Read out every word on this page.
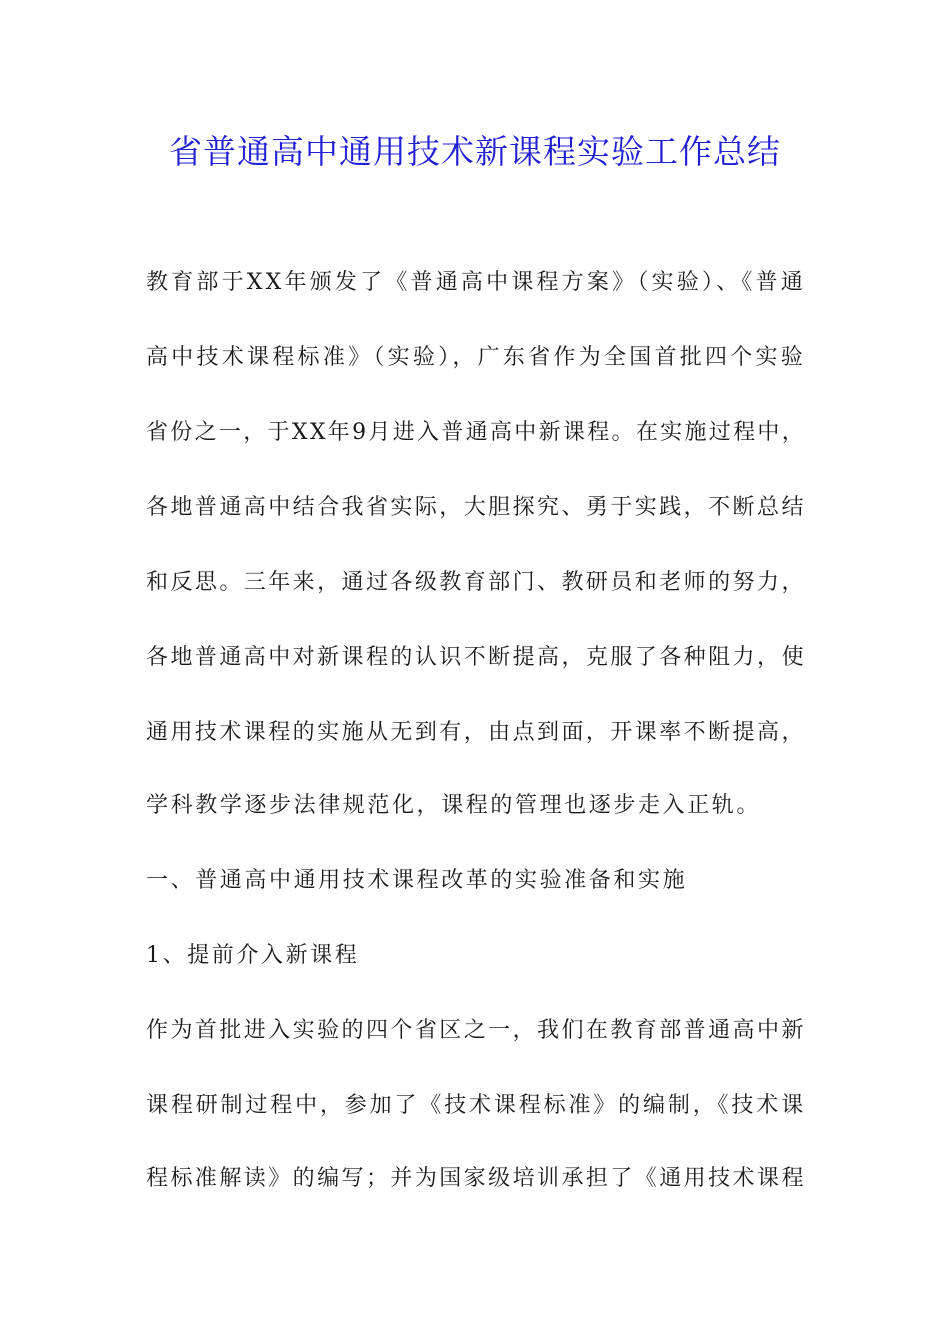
省普通高中通用技术新课程实验工作总结
教育部于XX年颁发了《普通高中课程方案》（实验）、《普通
高中技术课程标准》（实验），广东省作为全国首批四个实验
省份之一，于XX年9月进入普通高中新课程。在实施过程中，
各地普通高中结合我省实际，大胆探究、勇于实践，不断总结
和反思。三年来，通过各级教育部门、教研员和老师的努力，
各地普通高中对新课程的认识不断提高，克服了各种阻力，使
通用技术课程的实施从无到有，由点到面，开课率不断提高，
学科教学逐步法律规范化，课程的管理也逐步走入正轨。
一、普通高中通用技术课程改革的实验准备和实施
1、提前介入新课程
作为首批进入实验的四个省区之一，我们在教育部普通高中新
课程研制过程中，参加了《技术课程标准》的编制，《技术课
程标准解读》的编写；并为国家级培训承担了《通用技术课程
